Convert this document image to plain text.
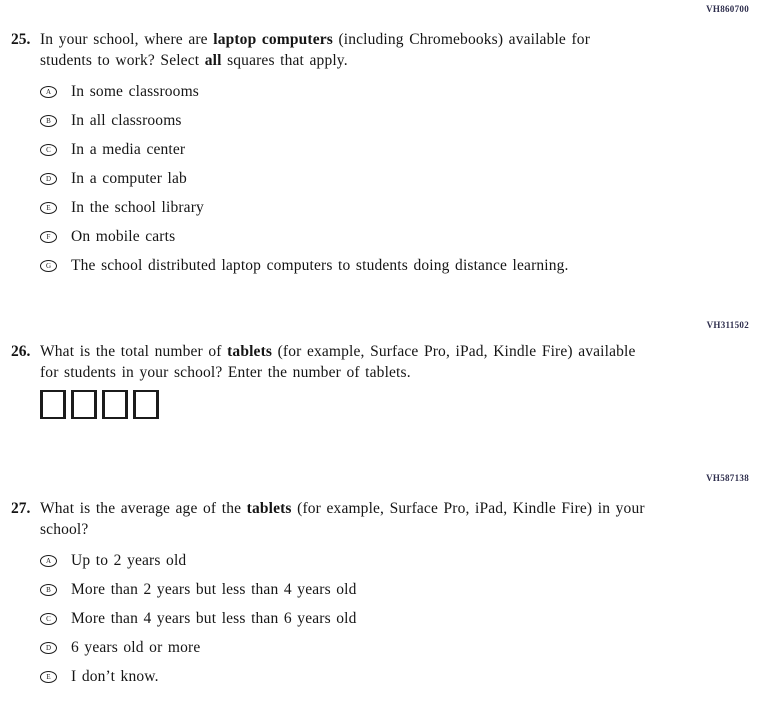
VH860700
25. In your school, where are laptop computers (including Chromebooks) available for
students to work? Select all squares that apply.
A In some classrooms
B In all classrooms
C In a media center
D In a computer lab
E In the school library
F On mobile carts
G The school distributed laptop computers to students doing distance learning.
VH311502
26. What is the total number of tablets (for example, Surface Pro, iPad, Kindle Fire) available
for students in your school? Enter the number of tablets.
VH587138
27. What is the average age of the tablets (for example, Surface Pro, iPad, Kindle Fire) in your
school?
A Up to 2 years old
B More than 2 years but less than 4 years old
C More than 4 years but less than 6 years old
D 6 years old or more
E I don’t know.
